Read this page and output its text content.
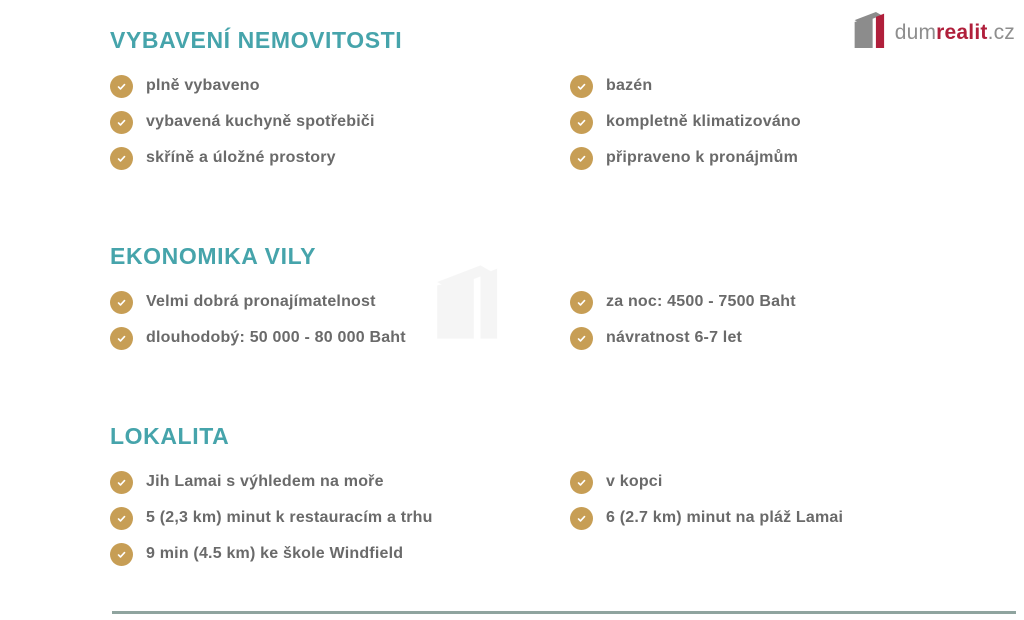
dumrealit.cz
VYBAVENÍ NEMOVITOSTI
plně vybaveno	bazén
vybavená kuchyně spotřebiči	kompletně klimatizováno
skříně a úložné prostory	připraveno k pronájmům
EKONOMIKA VILY
Velmi dobrá pronajímatelnost	za noc: 4500 - 7500 Baht
dlouhodobý: 50 000 - 80 000 Baht	návratnost 6-7 let
LOKALITA
Jih Lamai s výhledem na moře	v kopci
5 (2,3 km) minut k restauracím a trhu	6 (2.7 km) minut na pláž Lamai
9 min (4.5 km) ke škole Windfield
